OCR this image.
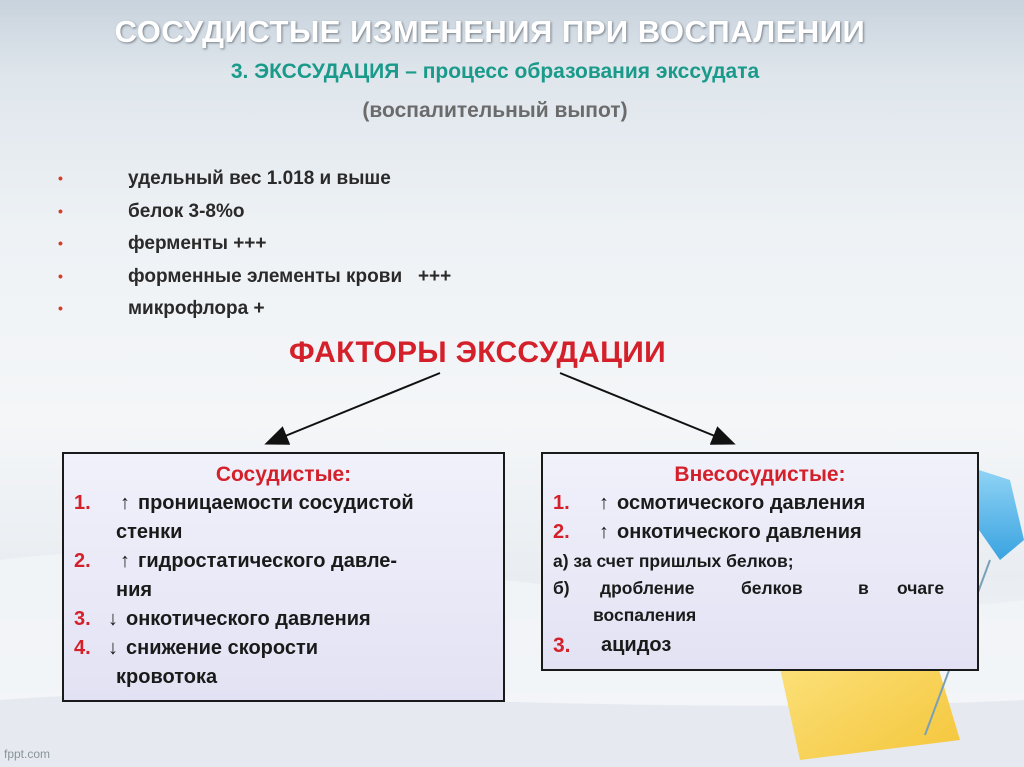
СОСУДИСТЫЕ ИЗМЕНЕНИЯ ПРИ ВОСПАЛЕНИИ
3. ЭКССУДАЦИЯ – процесс образования экссудата
(воспалительный выпот)
•	удельный вес 1.018 и выше
•	белок 3-8%о
•	ферменты +++
•	форменные элементы крови   +++
•	микрофлора +
ФАКТОРЫ ЭКССУДАЦИИ
Сосудистые:
1. ↑ проницаемости сосудистой
стенки
2. ↑ гидростатического давле-
ния
3. ↓ онкотического давления
4. ↓ снижение скорости
кровотока
Внесосудистые:
1. ↑ осмотического давления
2. ↑ онкотического давления
а) за счет пришлых белков;
б) дробление	белков	в очаге
воспаления
3. ацидоз
fppt.com
